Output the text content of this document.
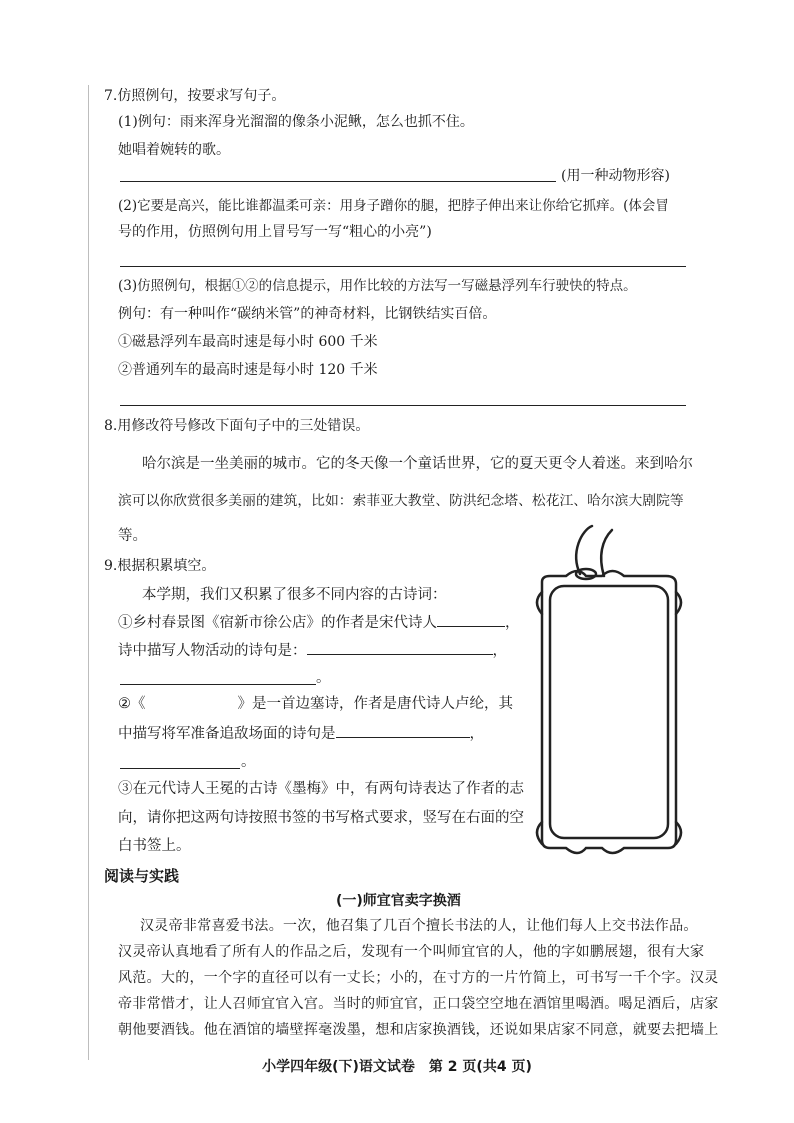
7.仿照例句，按要求写句子。
(1)例句：雨来浑身光溜溜的像条小泥鳅，怎么也抓不住。
她唱着婉转的歌。
(用一种动物形容)
(2)它要是高兴，能比谁都温柔可亲：用身子蹭你的腿，把脖子伸出来让你给它抓痒。(体会冒
号的作用，仿照例句用上冒号写一写“粗心的小亮”)
(3)仿照例句，根据①②的信息提示，用作比较的方法写一写磁悬浮列车行驶快的特点。
例句：有一种叫作“碳纳米管”的神奇材料，比钢铁结实百倍。
①磁悬浮列车最高时速是每小时 600 千米
②普通列车的最高时速是每小时 120 千米
8.用修改符号修改下面句子中的三处错误。
哈尔滨是一坐美丽的城市。它的冬天像一个童话世界，它的夏天更令人着迷。来到哈尔
滨可以你欣赏很多美丽的建筑，比如：索菲亚大教堂、防洪纪念塔、松花江、哈尔滨大剧院等
等。
9.根据积累填空。
本学期，我们又积累了很多不同内容的古诗词：
①乡村春景图《宿新市徐公店》的作者是宋代诗人	，
诗中描写人物活动的诗句是：	，
。
②《	》是一首边塞诗，作者是唐代诗人卢纶，其
中描写将军准备追敌场面的诗句是	，
。
③在元代诗人王冕的古诗《墨梅》中，有两句诗表达了作者的志
向，请你把这两句诗按照书签的书写格式要求，竖写在右面的空
白书签上。
阅读与实践
(一)师宜官卖字换酒
汉灵帝非常喜爱书法。一次，他召集了几百个擅长书法的人，让他们每人上交书法作品。
汉灵帝认真地看了所有人的作品之后，发现有一个叫师宜官的人，他的字如鹏展翅，很有大家
风范。大的，一个字的直径可以有一丈长；小的，在寸方的一片竹简上，可书写一千个字。汉灵
帝非常惜才，让人召师宜官入宫。当时的师宜官，正口袋空空地在酒馆里喝酒。喝足酒后，店家
朝他要酒钱。他在酒馆的墙壁挥毫泼墨，想和店家换酒钱，还说如果店家不同意，就要去把墙上
小学四年级(下)语文试卷　第 2 页(共4 页)
